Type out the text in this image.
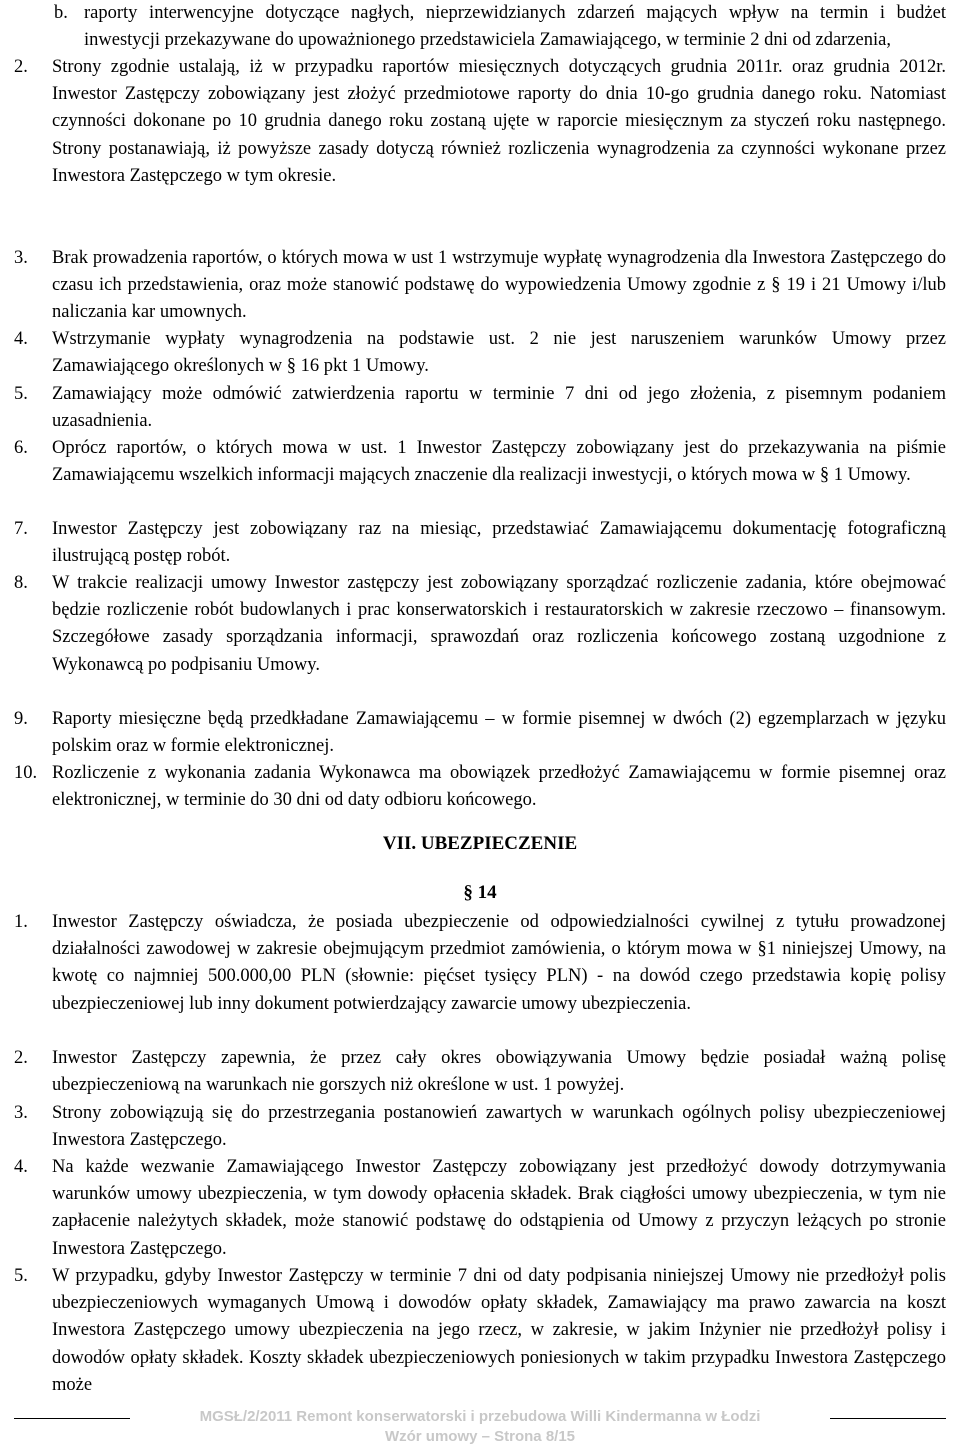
b. raporty interwencyjne dotyczące nagłych, nieprzewidzianych zdarzeń mających wpływ na termin i budżet inwestycji przekazywane do upoważnionego przedstawiciela Zamawiającego, w terminie 2 dni od zdarzenia,
2. Strony zgodnie ustalają, iż w przypadku raportów miesięcznych dotyczących grudnia 2011r. oraz grudnia 2012r. Inwestor Zastępczy zobowiązany jest złożyć przedmiotowe raporty do dnia 10-go grudnia danego roku. Natomiast czynności dokonane po 10 grudnia danego roku zostaną ujęte w raporcie miesięcznym za styczeń roku następnego. Strony postanawiają, iż powyższe zasady dotyczą również rozliczenia wynagrodzenia za czynności wykonane przez Inwestora Zastępczego w tym okresie.
3. Brak prowadzenia raportów, o których mowa w ust 1 wstrzymuje wypłatę wynagrodzenia dla Inwestora Zastępczego do czasu ich przedstawienia, oraz może stanowić podstawę do wypowiedzenia Umowy zgodnie z § 19 i 21 Umowy i/lub naliczania kar umownych.
4. Wstrzymanie wypłaty wynagrodzenia na podstawie ust. 2 nie jest naruszeniem warunków Umowy przez Zamawiającego określonych w § 16 pkt 1 Umowy.
5. Zamawiający może odmówić zatwierdzenia raportu w terminie 7 dni od jego złożenia, z pisemnym podaniem uzasadnienia.
6. Oprócz raportów, o których mowa w ust. 1 Inwestor Zastępczy zobowiązany jest do przekazywania na piśmie Zamawiającemu wszelkich informacji mających znaczenie dla realizacji inwestycji, o których mowa w § 1 Umowy.
7. Inwestor Zastępczy jest zobowiązany raz na miesiąc, przedstawiać Zamawiającemu dokumentację fotograficzną ilustrującą postęp robót.
8. W trakcie realizacji umowy Inwestor zastępczy jest zobowiązany sporządzać rozliczenie zadania, które obejmować będzie rozliczenie robót budowlanych i prac konserwatorskich i restauratorskich w zakresie rzeczowo – finansowym. Szczegółowe zasady sporządzania informacji, sprawozdań oraz rozliczenia końcowego zostaną uzgodnione z Wykonawcą po podpisaniu Umowy.
9. Raporty miesięczne będą przedkładane Zamawiającemu – w formie pisemnej w dwóch (2) egzemplarzach w języku polskim oraz w formie elektronicznej.
10. Rozliczenie z wykonania zadania Wykonawca ma obowiązek przedłożyć Zamawiającemu w formie pisemnej oraz elektronicznej, w terminie do 30 dni od daty odbioru końcowego.
VII. UBEZPIECZENIE
§ 14
1. Inwestor Zastępczy oświadcza, że posiada ubezpieczenie od odpowiedzialności cywilnej z tytułu prowadzonej działalności zawodowej w zakresie obejmującym przedmiot zamówienia, o którym mowa w §1 niniejszej Umowy, na kwotę co najmniej 500.000,00 PLN (słownie: pięćset tysięcy PLN) - na dowód czego przedstawia kopię polisy ubezpieczeniowej lub inny dokument potwierdzający zawarcie umowy ubezpieczenia.
2. Inwestor Zastępczy zapewnia, że przez cały okres obowiązywania Umowy będzie posiadał ważną polisę ubezpieczeniową na warunkach nie gorszych niż określone w ust. 1 powyżej.
3. Strony zobowiązują się do przestrzegania postanowień zawartych w warunkach ogólnych polisy ubezpieczeniowej Inwestora Zastępczego.
4. Na każde wezwanie Zamawiającego Inwestor Zastępczy zobowiązany jest przedłożyć dowody dotrzymywania warunków umowy ubezpieczenia, w tym dowody opłacenia składek. Brak ciągłości umowy ubezpieczenia, w tym nie zapłacenie należytych składek, może stanowić podstawę do odstąpienia od Umowy z przyczyn leżących po stronie Inwestora Zastępczego.
5. W przypadku, gdyby Inwestor Zastępczy w terminie 7 dni od daty podpisania niniejszej Umowy nie przedłożył polis ubezpieczeniowych wymaganych Umową i dowodów opłaty składek, Zamawiający ma prawo zawarcia na koszt Inwestora Zastępczego umowy ubezpieczenia na jego rzecz, w zakresie, w jakim Inżynier nie przedłożył polisy i dowodów opłaty składek. Koszty składek ubezpieczeniowych poniesionych w takim przypadku Inwestora Zastępczego może
MGSŁ/2/2011 Remont konserwatorski i przebudowa Willi Kindermanna w Łodzi
Wzór umowy – Strona 8/15
